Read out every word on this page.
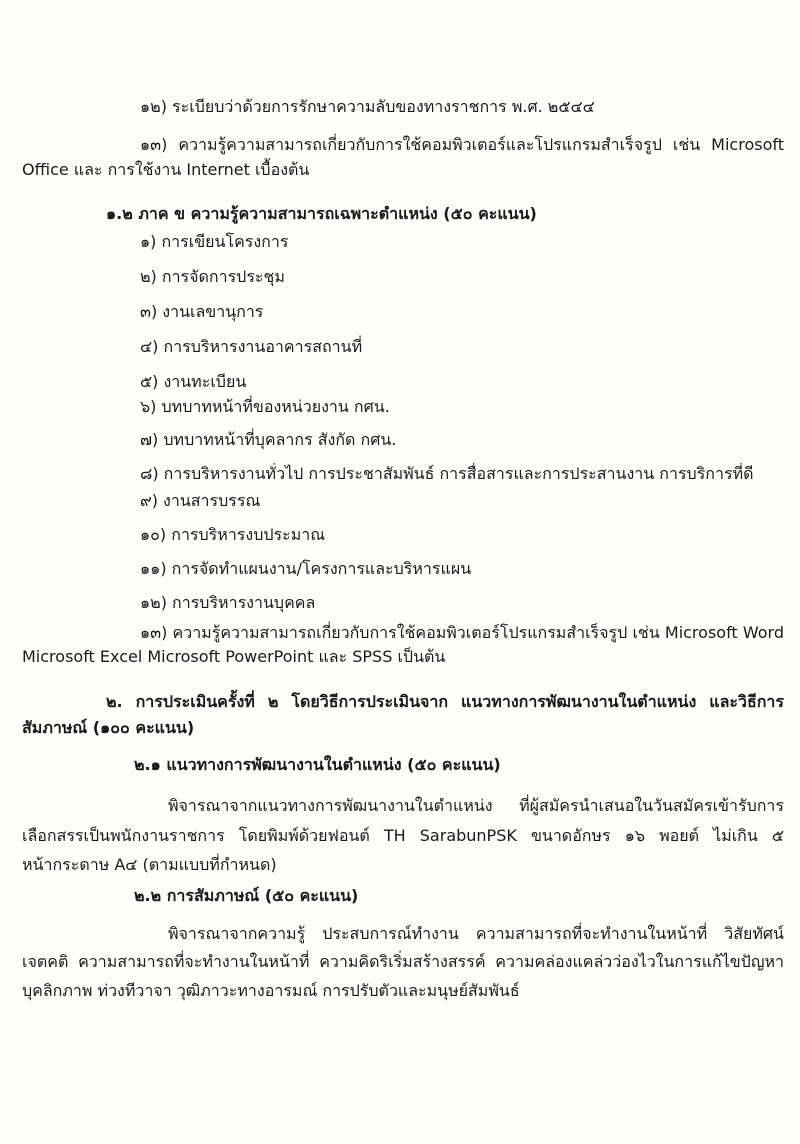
๑๒) ระเบียบว่าด้วยการรักษาความลับของทางราชการ พ.ศ. ๒๕๔๔
๑๓) ความรู้ความสามารถเกี่ยวกับการใช้คอมพิวเตอร์และโปรแกรมสำเร็จรูป เช่น Microsoft
Office และ การใช้งาน Internet เบื้องต้น
๑.๒ ภาค ข ความรู้ความสามารถเฉพาะตำแหน่ง (๕๐ คะแนน)
๑) การเขียนโครงการ
๒) การจัดการประชุม
๓) งานเลขานุการ
๔) การบริหารงานอาคารสถานที่
๕) งานทะเบียน
๖) บทบาทหน้าที่ของหน่วยงาน กศน.
๗) บทบาทหน้าที่บุคลากร สังกัด กศน.
๘) การบริหารงานทั่วไป การประชาสัมพันธ์ การสื่อสารและการประสานงาน การบริการที่ดี
๙) งานสารบรรณ
๑๐) การบริหารงบประมาณ
๑๑) การจัดทำแผนงาน/โครงการและบริหารแผน
๑๒) การบริหารงานบุคคล
๑๓) ความรู้ความสามารถเกี่ยวกับการใช้คอมพิวเตอร์โปรแกรมสำเร็จรูป เช่น Microsoft Word
Microsoft Excel Microsoft PowerPoint และ SPSS เป็นต้น
๒. การประเมินครั้งที่ ๒ โดยวิธีการประเมินจาก แนวทางการพัฒนางานในตำแหน่ง และวิธีการ
สัมภาษณ์ (๑๐๐ คะแนน)
๒.๑ แนวทางการพัฒนางานในตำแหน่ง (๕๐ คะแนน)
พิจารณาจากแนวทางการพัฒนางานในตำแหน่ง ที่ผู้สมัครนำเสนอในวันสมัครเข้ารับการ
เลือกสรรเป็นพนักงานราชการ โดยพิมพ์ด้วยฟอนต์ TH SarabunPSK ขนาดอักษร ๑๖ พอยต์ ไม่เกิน ๕
หน้ากระดาษ A๔ (ตามแบบที่กำหนด)
๒.๒ การสัมภาษณ์ (๕๐ คะแนน)
พิจารณาจากความรู้ ประสบการณ์ทำงาน ความสามารถที่จะทำงานในหน้าที่ วิสัยทัศน์
เจตคติ ความสามารถที่จะทำงานในหน้าที่ ความคิดริเริ่มสร้างสรรค์ ความคล่องแคล่วว่องไวในการแก้ไขปัญหา
บุคลิกภาพ ท่วงทีวาจา วุฒิภาวะทางอารมณ์ การปรับตัวและมนุษย์สัมพันธ์
